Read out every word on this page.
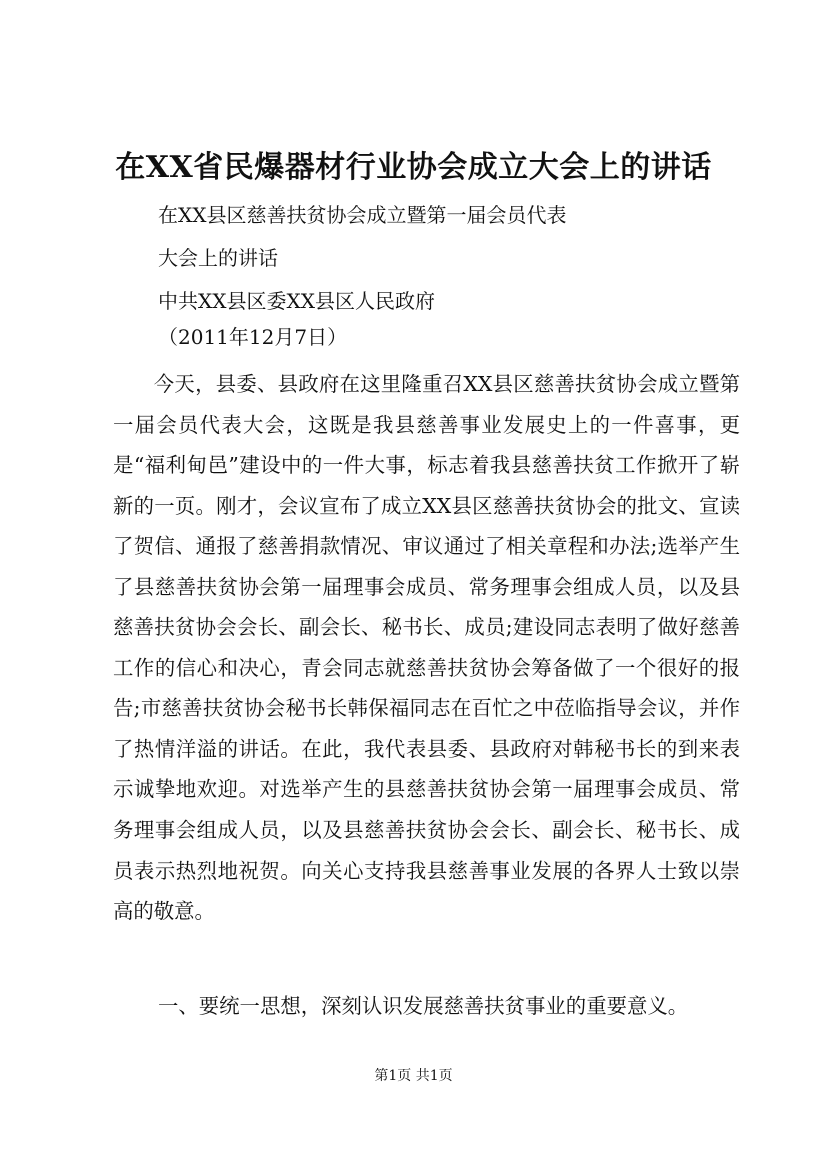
在XX省民爆器材行业协会成立大会上的讲话
在XX县区慈善扶贫协会成立暨第一届会员代表
大会上的讲话
中共XX县区委XX县区人民政府
（2011年12月7日）

今天，县委、县政府在这里隆重召XX县区慈善扶贫协会成立暨第一届会员代表大会，这既是我县慈善事业发展史上的一件喜事，更是“福利甸邑”建设中的一件大事，标志着我县慈善扶贫工作掀开了崭新的一页。刚才，会议宣布了成立XX县区慈善扶贫协会的批文、宣读了贺信、通报了慈善捐款情况、审议通过了相关章程和办法;选举产生了县慈善扶贫协会第一届理事会成员、常务理事会组成人员，以及县慈善扶贫协会会长、副会长、秘书长、成员;建设同志表明了做好慈善工作的信心和决心，青会同志就慈善扶贫协会筹备做了一个很好的报告;市慈善扶贫协会秘书长韩保福同志在百忙之中莅临指导会议，并作了热情洋溢的讲话。在此，我代表县委、县政府对韩秘书长的到来表示诚挚地欢迎。对选举产生的县慈善扶贫协会第一届理事会成员、常务理事会组成人员，以及县慈善扶贫协会会长、副会长、秘书长、成员表示热烈地祝贺。向关心支持我县慈善事业发展的各界人士致以崇高的敬意。

一、要统一思想，深刻认识发展慈善扶贫事业的重要意义。
第1页 共1页
